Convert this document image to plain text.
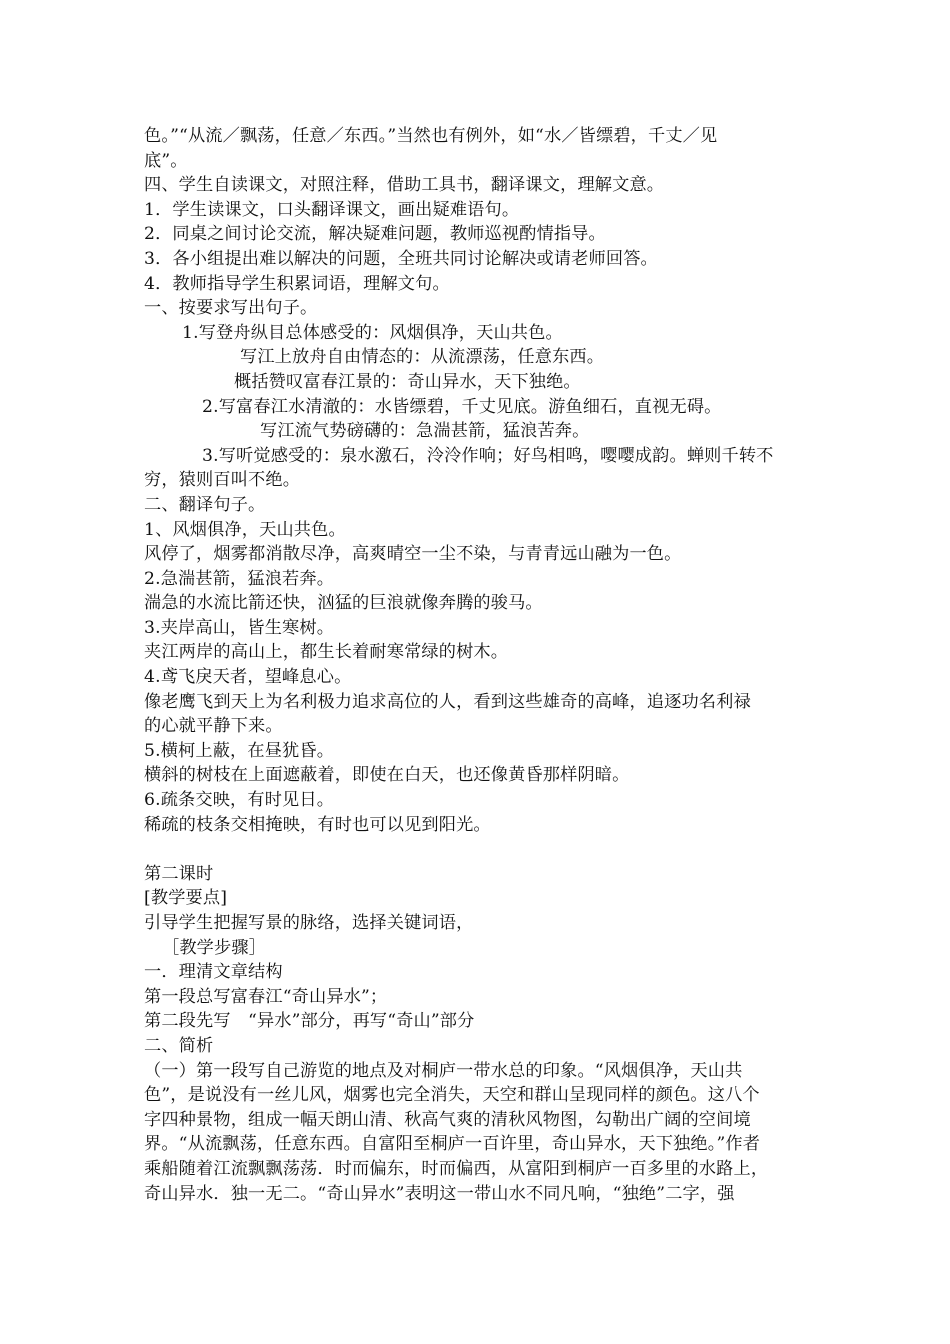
色。”“从流／飘荡，任意／东西。”当然也有例外，如“水／皆缥碧，千丈／见
底”。
四、学生自读课文，对照注释，借助工具书，翻译课文，理解文意。
1．学生读课文，口头翻译课文，画出疑难语句。
2．同桌之间讨论交流，解决疑难问题，教师巡视酌情指导。
3．各小组提出难以解决的问题，全班共同讨论解决或请老师回答。
4．教师指导学生积累词语，理解文句。
一、按要求写出句子。
1.写登舟纵目总体感受的：风烟俱净，天山共色。
写江上放舟自由情态的：从流漂荡，任意东西。
概括赞叹富春江景的：奇山异水，天下独绝。
2.写富春江水清澈的：水皆缥碧，千丈见底。游鱼细石，直视无碍。
写江流气势磅礴的：急湍甚箭，猛浪苦奔。
3.写听觉感受的：泉水激石，泠泠作响；好鸟相鸣，嘤嘤成韵。蝉则千转不
穷，猿则百叫不绝。
二、翻译句子。
1、风烟俱净，天山共色。
风停了，烟雾都消散尽净，高爽晴空一尘不染，与青青远山融为一色。
2.急湍甚箭，猛浪若奔。
湍急的水流比箭还快，汹猛的巨浪就像奔腾的骏马。
3.夹岸高山，皆生寒树。
夹江两岸的高山上，都生长着耐寒常绿的树木。
4.鸢飞戾天者，望峰息心。
像老鹰飞到天上为名利极力追求高位的人，看到这些雄奇的高峰，追逐功名利禄
的心就平静下来。
5.横柯上蔽，在昼犹昏。
横斜的树枝在上面遮蔽着，即使在白天，也还像黄昏那样阴暗。
6.疏条交映，有时见日。
稀疏的枝条交相掩映，有时也可以见到阳光。
第二课时
[教学要点]
引导学生把握写景的脉络，选择关键词语，
［教学步骤］
一．理清文章结构
第一段总写富春江“奇山异水”；
第二段先写　“异水”部分，再写“奇山”部分
二、简析
（一）第一段写自己游览的地点及对桐庐一带水总的印象。“风烟俱净，天山共
色”，是说没有一丝儿风，烟雾也完全消失，天空和群山呈现同样的颜色。这八个
字四种景物，组成一幅天朗山清、秋高气爽的清秋风物图，勾勒出广阔的空间境
界。“从流飘荡，任意东西。自富阳至桐庐一百许里，奇山异水，天下独绝。”作者
乘船随着江流飘飘荡荡．时而偏东，时而偏西，从富阳到桐庐一百多里的水路上，
奇山异水．独一无二。“奇山异水”表明这一带山水不同凡响，“独绝”二字，强
